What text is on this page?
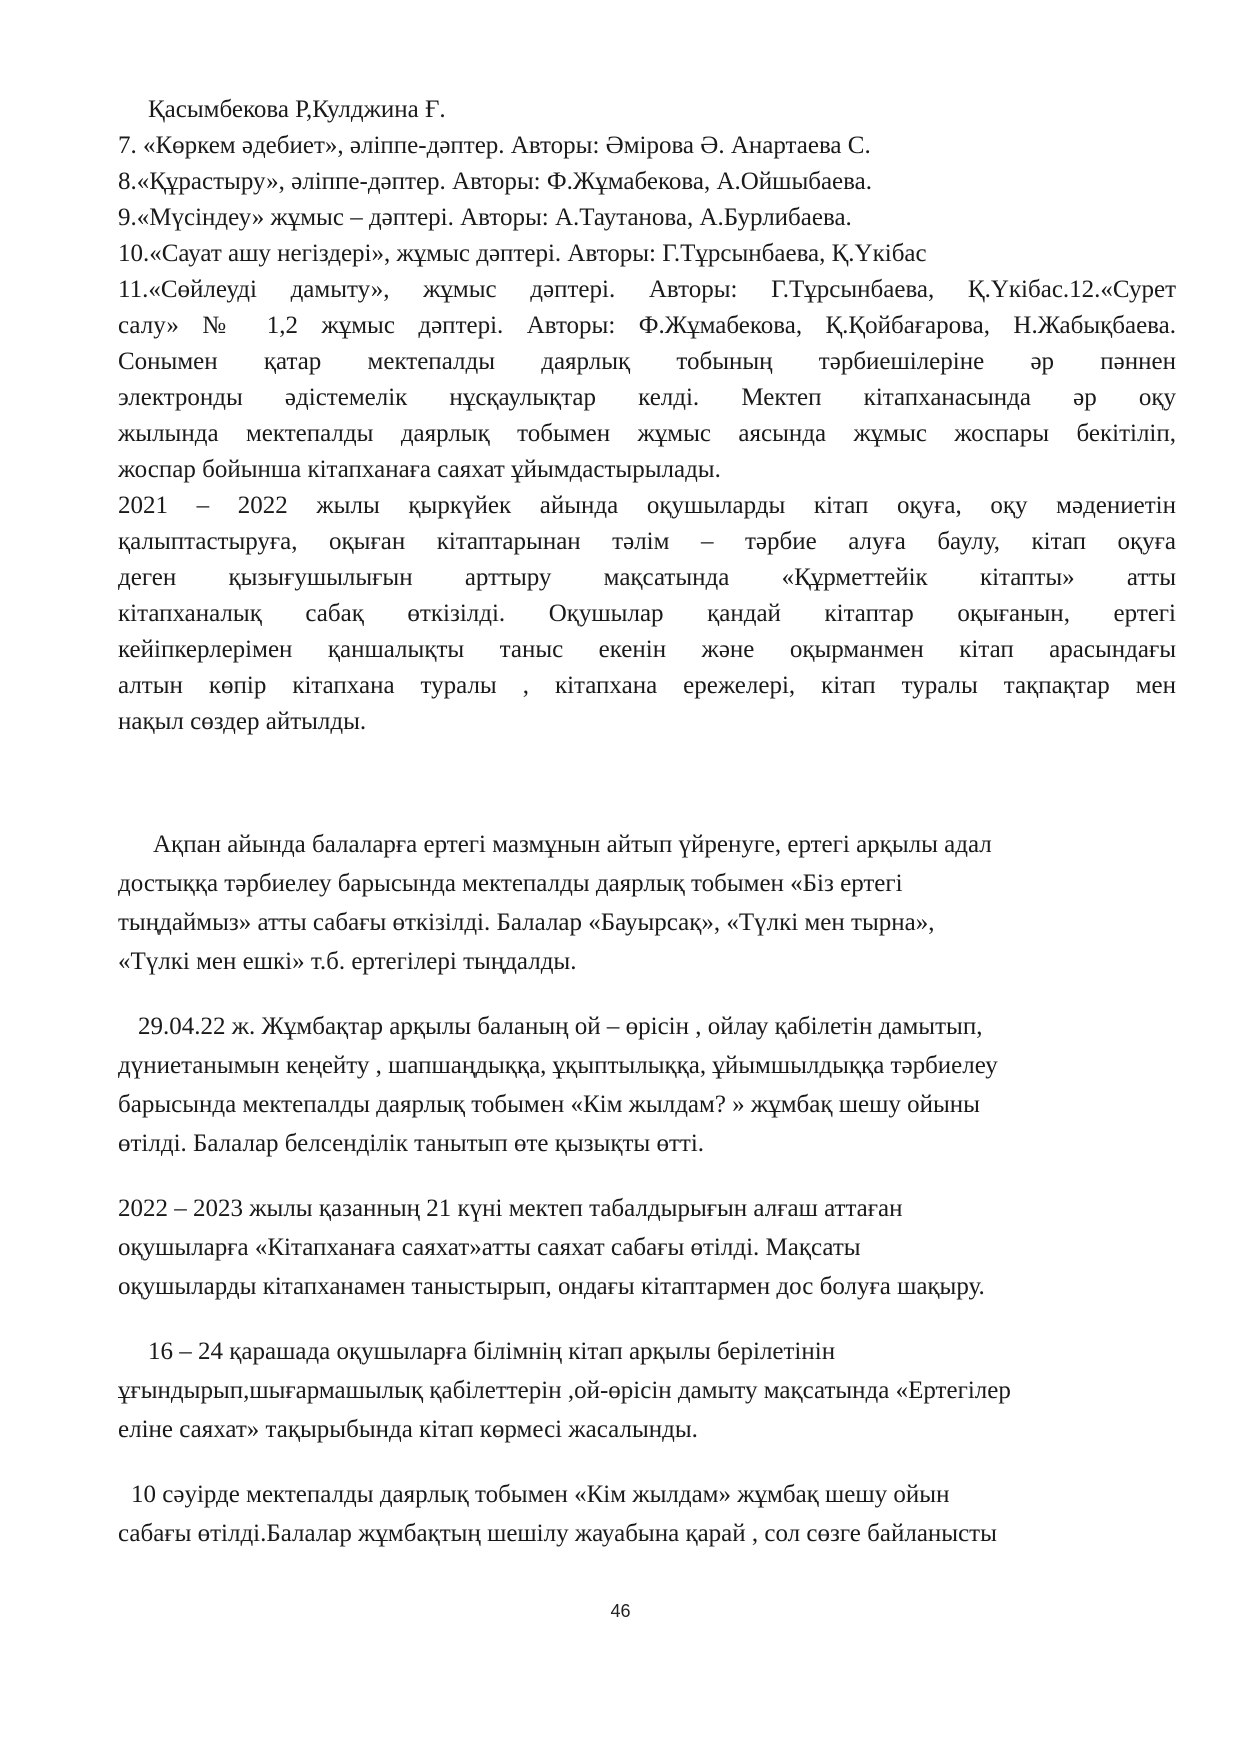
Қасымбекова Р,Кулджина Ғ.
7. «Көркем әдебиет», әліппе-дәптер. Авторы: Әмірова Ә. Анартаева С.
8.«Құрастыру», әліппе-дәптер. Авторы: Ф.Жұмабекова, А.Ойшыбаева.
9.«Мүсіндеу» жұмыс – дәптері. Авторы: А.Таутанова, А.Бурлибаева.
10.«Сауат ашу негіздері», жұмыс дәптері. Авторы: Г.Тұрсынбаева, Қ.Үкібас
11.«Сөйлеуді дамыту», жұмыс дәптері. Авторы: Г.Тұрсынбаева, Қ.Үкібас.12.«Сурет
салу» № 1,2 жұмыс дәптері. Авторы: Ф.Жұмабекова, Қ.Қойбағарова, Н.Жабықбаева.
Сонымен қатар мектепалды даярлық тобының тәрбиешілеріне әр пәннен
электронды әдістемелік нұсқаулықтар келді. Мектеп кітапханасында әр оқу
жылында мектепалды даярлық тобымен жұмыс аясында жұмыс жоспары бекітіліп,
жоспар бойынша кітапханаға саяхат ұйымдастырылады.
2021 – 2022 жылы қыркүйек айында оқушыларды кітап оқуға, оқу мәдениетін
қалыптастыруға, оқыған кітаптарынан тәлім – тәрбие алуға баулу, кітап оқуға
деген қызығушылығын арттыру мақсатында «Құрметтейік кітапты» атты
кітапханалық сабақ өткізілді. Оқушылар қандай кітаптар оқығанын, ертегі
кейіпкерлерімен қаншалықты таныс екенін және оқырманмен кітап арасындағы
алтын көпір кітапхана туралы , кітапхана ережелері, кітап туралы тақпақтар мен
нақыл сөздер айтылды.
Ақпан айында балаларға ертегі мазмұнын айтып үйренуге, ертегі арқылы адал
достыққа тәрбиелеу барысында мектепалды даярлық тобымен «Біз ертегі
тыңдаймыз» атты сабағы өткізілді. Балалар «Бауырсақ», «Түлкі мен тырна»,
«Түлкі мен ешкі» т.б. ертегілері тыңдалды.
29.04.22 ж. Жұмбақтар арқылы баланың ой – өрісін , ойлау қабілетін дамытып,
дүниетанымын кеңейту , шапшаңдыққа, ұқыптылыққа, ұйымшылдыққа тәрбиелеу
барысында мектепалды даярлық тобымен «Кім жылдам? » жұмбақ шешу ойыны
өтілді. Балалар белсенділік танытып өте қызықты өтті.
2022 – 2023 жылы қазанның 21 күні мектеп табалдырығын алғаш аттаған
оқушыларға «Кітапханаға саяхат»атты саяхат сабағы өтілді. Мақсаты
оқушыларды кітапханамен таныстырып, ондағы кітаптармен дос болуға шақыру.
16 – 24 қарашада оқушыларға білімнің кітап арқылы берілетінін
ұғындырып,шығармашылық қабілеттерін ,ой-өрісін дамыту мақсатында «Ертегілер
еліне саяхат» тақырыбында кітап көрмесі жасалынды.
10 сәуірде мектепалды даярлық тобымен «Кім жылдам» жұмбақ шешу ойын
сабағы өтілді.Балалар жұмбақтың шешілу жауабына қарай , сол сөзге байланысты
46
